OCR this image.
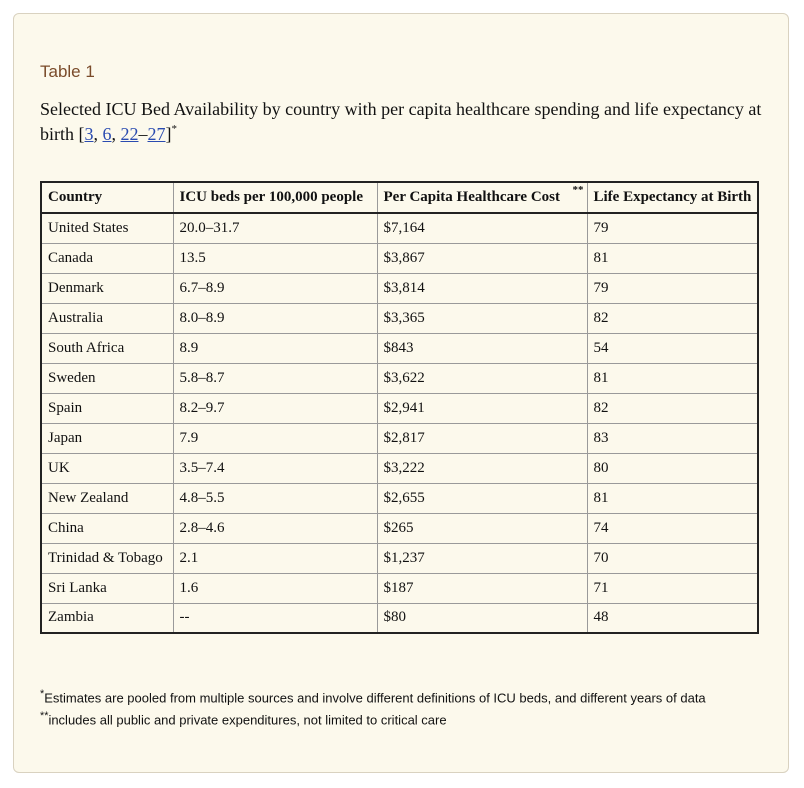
Table 1
Selected ICU Bed Availability by country with per capita healthcare spending and life expectancy at birth [3, 6, 22–27]*
Country	ICU beds per 100,000 people	Per Capita Healthcare Cost **	Life Expectancy at Birth
United States	20.0–31.7	$7,164	79
Canada	13.5	$3,867	81
Denmark	6.7–8.9	$3,814	79
Australia	8.0–8.9	$3,365	82
South Africa	8.9	$843	54
Sweden	5.8–8.7	$3,622	81
Spain	8.2–9.7	$2,941	82
Japan	7.9	$2,817	83
UK	3.5–7.4	$3,222	80
New Zealand	4.8–5.5	$2,655	81
China	2.8–4.6	$265	74
Trinidad & Tobago	2.1	$1,237	70
Sri Lanka	1.6	$187	71
Zambia	--	$80	48
*Estimates are pooled from multiple sources and involve different definitions of ICU beds, and different years of data
**includes all public and private expenditures, not limited to critical care
